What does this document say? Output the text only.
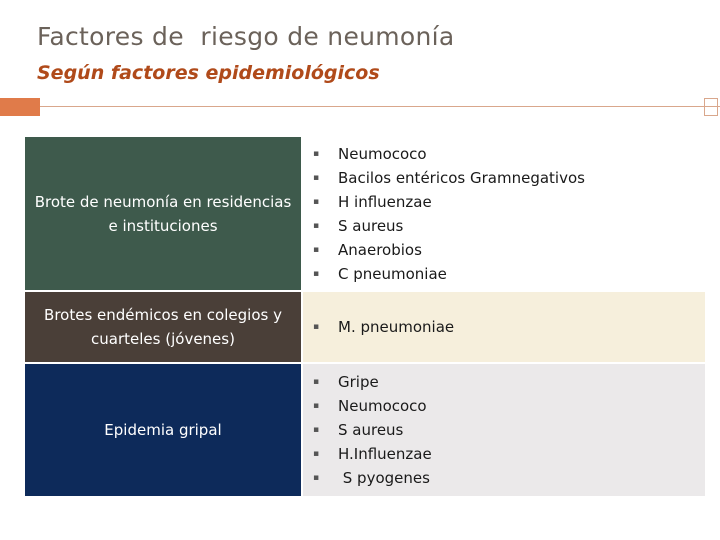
Factores de  riesgo de neumonía
Según factores epidemiológicos
Brote de neumonía en residencias e instituciones
▪ Neumococo
▪ Bacilos entéricos Gramnegativos
▪ H influenzae
▪ S aureus
▪ Anaerobios
▪ C pneumoniae
Brotes endémicos en colegios y cuarteles (jóvenes)
▪ M. pneumoniae
Epidemia gripal
▪ Gripe
▪ Neumococo
▪ S aureus
▪ H.Influenzae
▪  S pyogenes
